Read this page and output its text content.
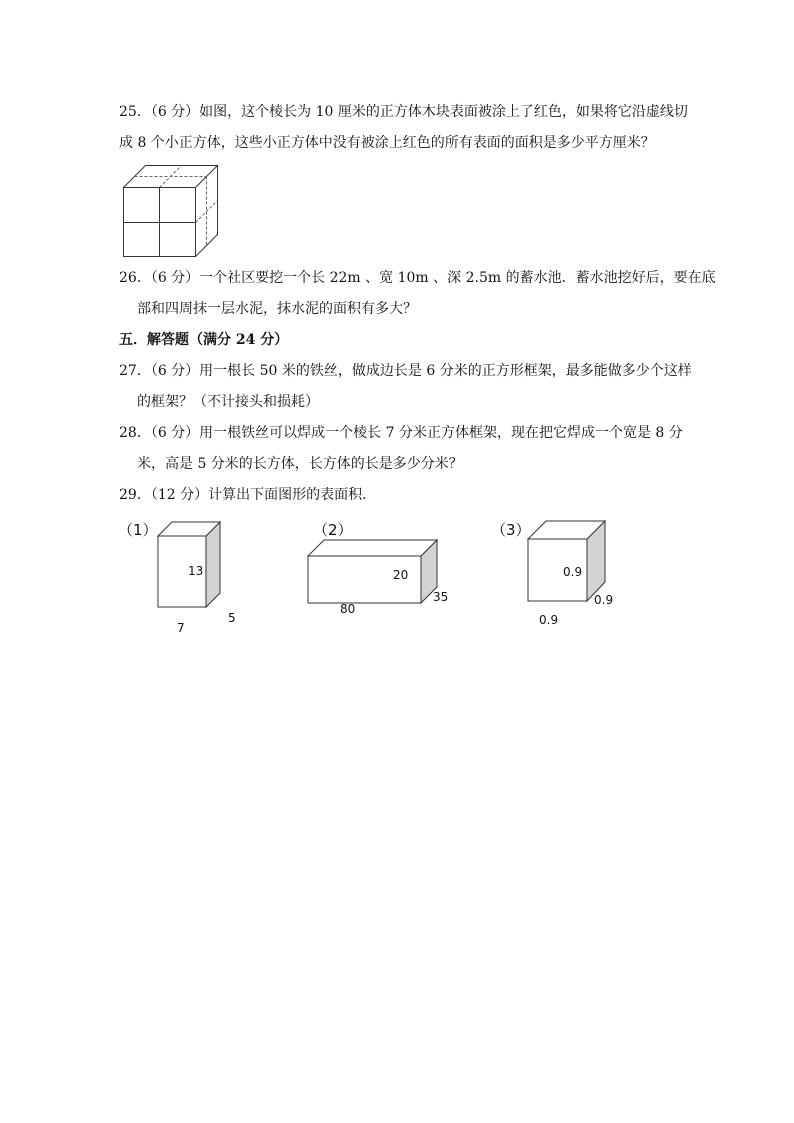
25．（6 分）如图，这个棱长为 10 厘米的正方体木块表面被涂上了红色，如果将它沿虚线切
成 8 个小正方体，这些小正方体中没有被涂上红色的所有表面的面积是多少平方厘米？
26．（6 分）一个社区要挖一个长 22m 、宽 10m 、深 2.5m 的蓄水池．蓄水池挖好后，要在底
部和四周抹一层水泥，抹水泥的面积有多大？
五．解答题（满分 24 分）
27．（6 分）用一根长 50 米的铁丝，做成边长是 6 分米的正方形框架，最多能做多少个这样
的框架？（不计接头和损耗）
28．（6 分）用一根铁丝可以焊成一个棱长 7 分米正方体框架，现在把它焊成一个宽是 8 分
米，高是 5 分米的长方体，长方体的长是多少分米？
29．（12 分）计算出下面图形的表面积．
（1）
13
7
5
（2）
20
80
35
（3）
0.9
0.9
0.9
